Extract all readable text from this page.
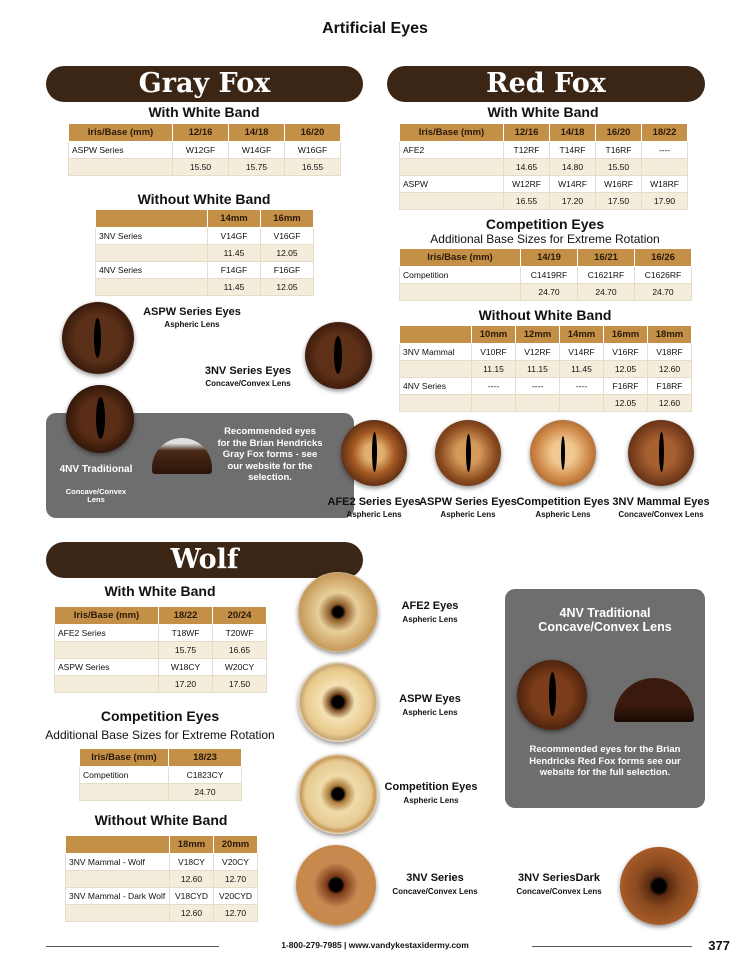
Artificial Eyes
Gray Fox
With White Band
Iris/Base (mm)	12/16	14/18	16/20
ASPW Series	W12GF	W14GF	W16GF
	15.50	15.75	16.55
Without White Band
	14mm	16mm
3NV Series	V14GF	V16GF
	11.45	12.05
4NV Series	F14GF	F16GF
	11.45	12.05
ASPW Series Eyes
Aspheric Lens
3NV Series Eyes
Concave/Convex Lens
4NV Traditional
Concave/Convex Lens
Recommended eyes for the Brian Hendricks Gray Fox forms - see our website for the selection.
Red Fox
With White Band
Iris/Base (mm)	12/16	14/18	16/20	18/22
AFE2	T12RF	T14RF	T16RF	----
	14.65	14.80	15.50	
ASPW	W12RF	W14RF	W16RF	W18RF
	16.55	17.20	17.50	17.90
Competition Eyes
Additional Base Sizes for Extreme Rotation
Iris/Base (mm)	14/19	16/21	16/26
Competition	C1419RF	C1621RF	C1626RF
	24.70	24.70	24.70
Without White Band
	10mm	12mm	14mm	16mm	18mm
3NV Mammal	V10RF	V12RF	V14RF	V16RF	V18RF
	11.15	11.15	11.45	12.05	12.60
4NV Series	----	----	----	F16RF	F18RF
				12.05	12.60
AFE2 Series Eyes
Aspheric Lens
ASPW Series Eyes
Aspheric Lens
Competition Eyes
Aspheric Lens
3NV Mammal Eyes
Concave/Convex Lens
4NV Traditional Concave/Convex Lens
Recommended eyes for the Brian Hendricks Red Fox forms see our website for the full selection.
Wolf
With White Band
Iris/Base (mm)	18/22	20/24
AFE2 Series	T18WF	T20WF
	15.75	16.65
ASPW Series	W18CY	W20CY
	17.20	17.50
Competition Eyes
Additional Base Sizes for Extreme Rotation
Iris/Base (mm)	18/23
Competition	C1823CY
	24.70
Without White Band
	18mm	20mm
3NV Mammal - Wolf	V18CY	V20CY
	12.60	12.70
3NV Mammal - Dark Wolf	V18CYD	V20CYD
	12.60	12.70
AFE2 Eyes
Aspheric Lens
ASPW Eyes
Aspheric Lens
Competition Eyes
Aspheric Lens
3NV Series
Concave/Convex Lens
3NV SeriesDark
Concave/Convex Lens
1-800-279-7985 | www.vandykestaxidermy.com	377
